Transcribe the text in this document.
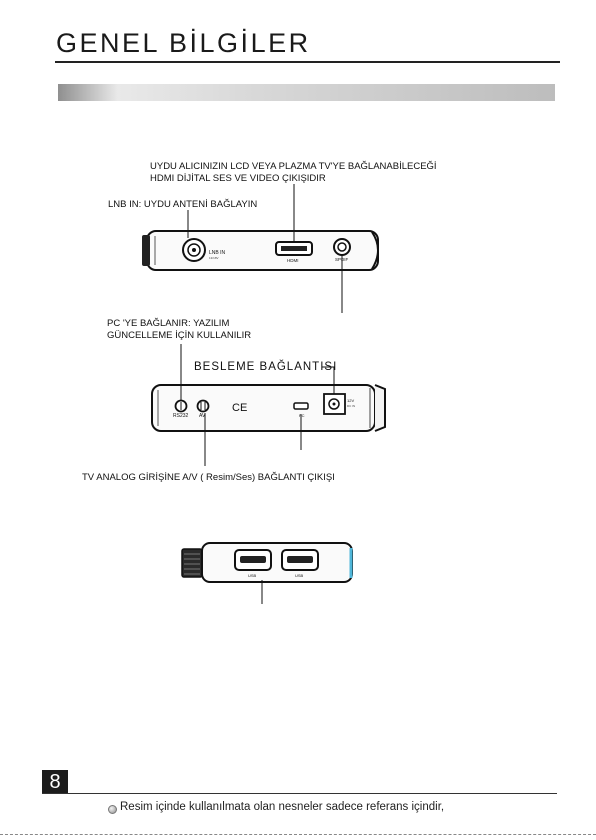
GENEL BİLGİLER
UYDU ALICINIZIN LCD VEYA PLAZMA TV'YE BAĞLANABİLECEĞİ
HDMI DİJİTAL SES VE VIDEO ÇIKIŞIDIR
LNB IN: UYDU ANTENİ BAĞLAYIN
PC 'YE BAĞLANIR: YAZILIM
GÜNCELLEME İÇİN KULLANILIR
BESLEME BAĞLANTISI
TV ANALOG GİRİŞİNE A/V ( Resim/Ses) BAĞLANTI ÇIKIŞI
LNB IN
13/18V	HDMI	SPDIF
RS232 AV
CE
PC
12V
DC IN
USB	USB
8
Resim içinde kullanılmata olan nesneler sadece referans içindir,
